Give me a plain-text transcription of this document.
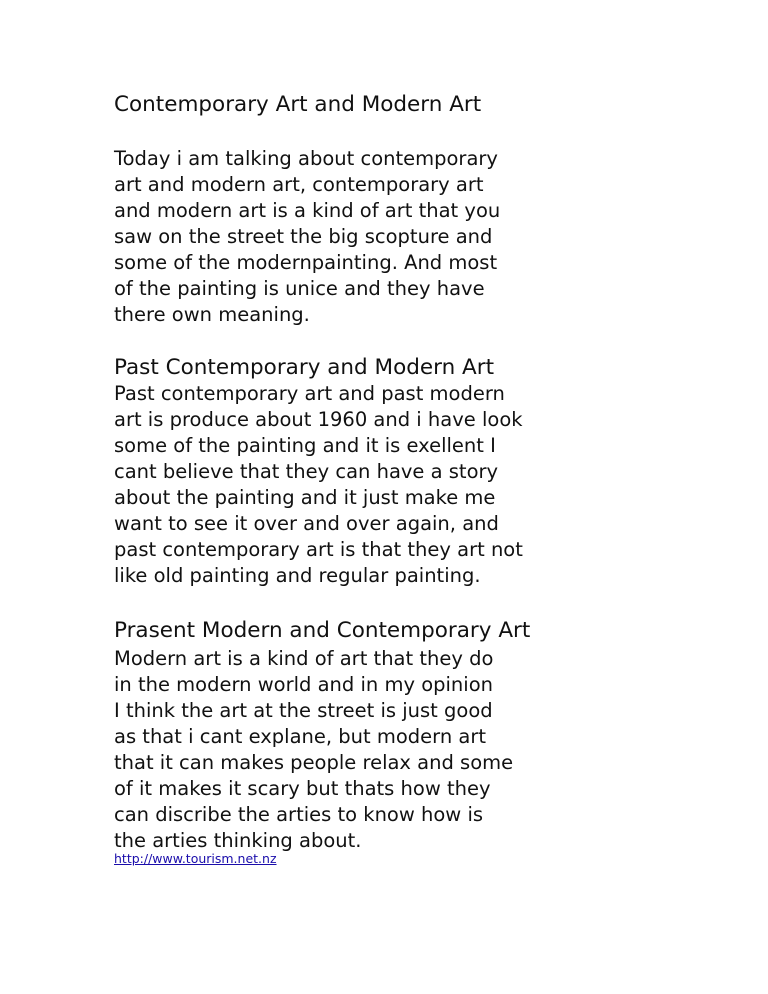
Contemporary Art and Modern Art
Today i am talking about contemporary
art and modern art, contemporary art
and modern art is a kind of art that you
saw on the street the big scopture and
some of the modernpainting. And most
of the painting is unice and they have
there own meaning.
Past Contemporary and Modern Art
Past contemporary art and past modern
art is produce about 1960 and i have look
some of the painting and it is exellent I
cant believe that they can have a story
about the painting and it just make me
want to see it over and over again, and
past contemporary art is that they art not
like old painting and regular painting.
Prasent Modern and Contemporary Art
Modern art is a kind of art that they do
in the modern world and in my opinion
I think the art at the street is just good
as that i cant explane, but modern art
that it can makes people relax and some
of it makes it scary but thats how they
can discribe the arties to know how is
the arties thinking about.
http://www.tourism.net.nz
